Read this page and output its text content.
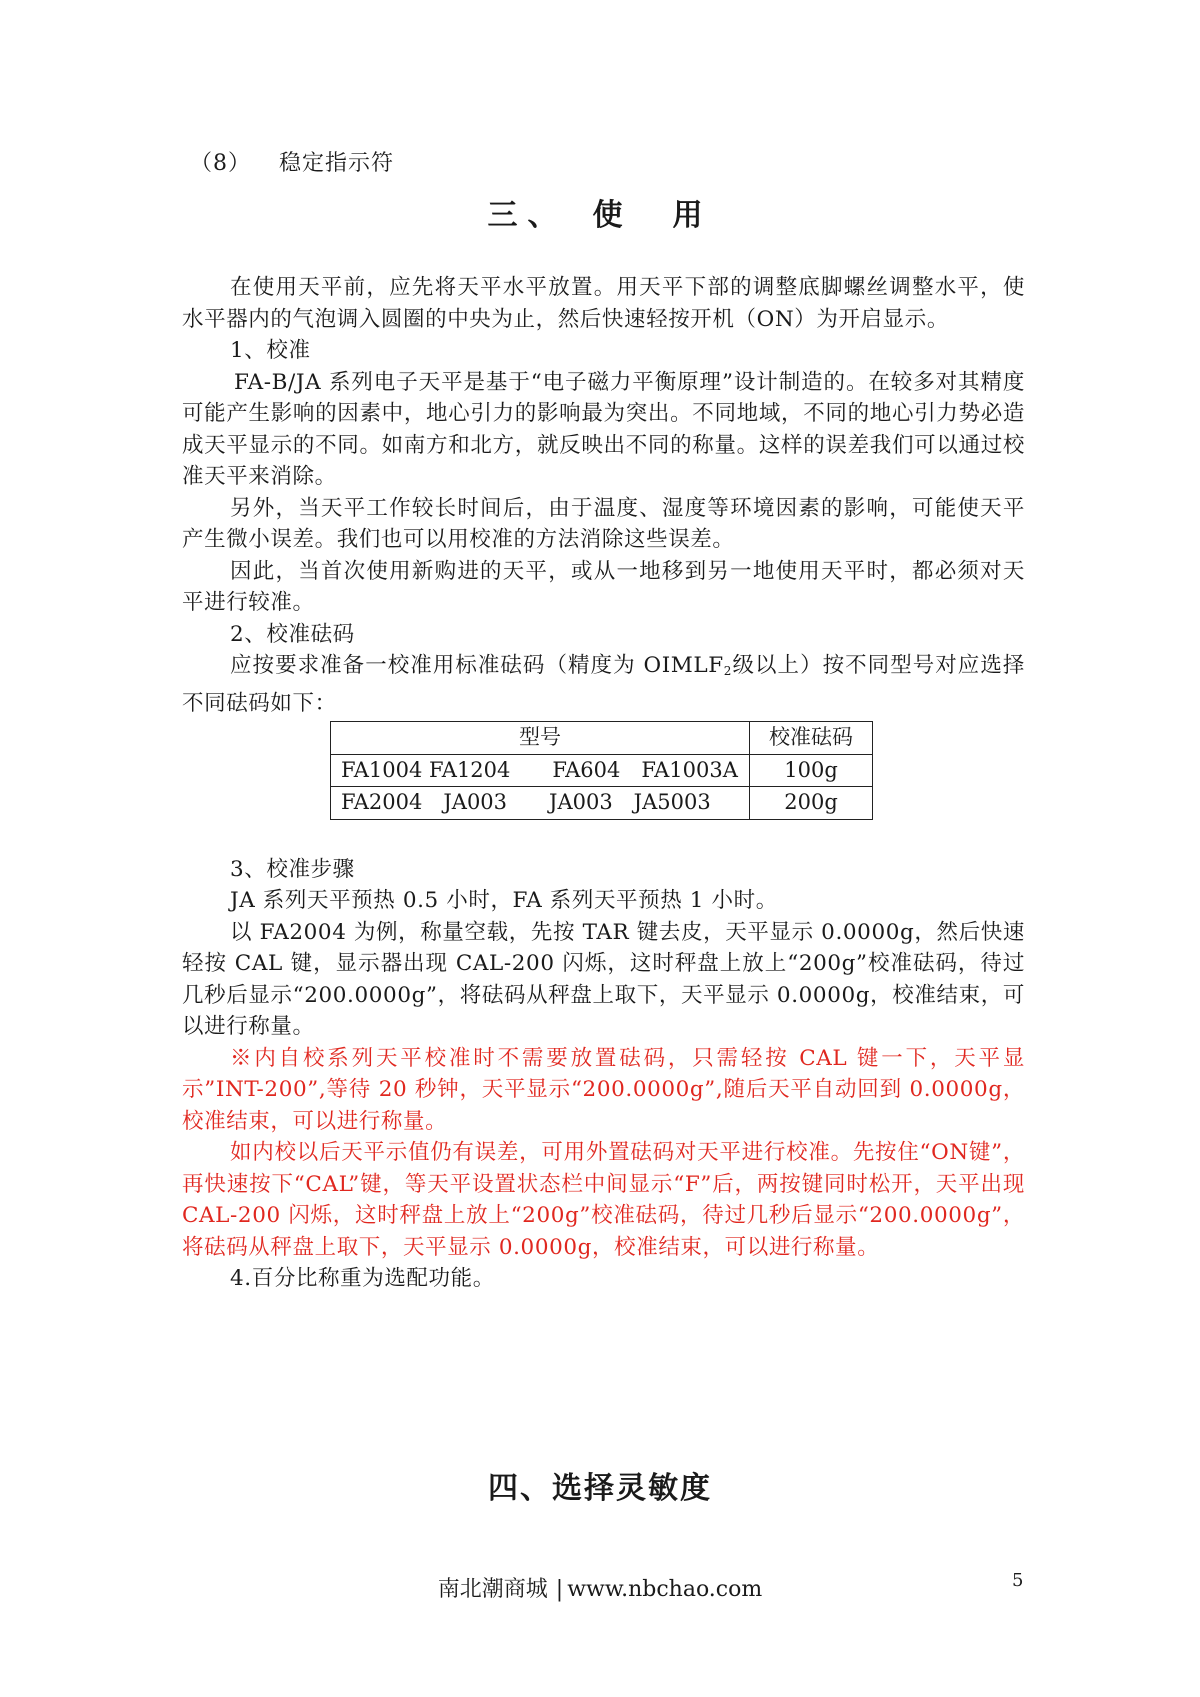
（8） 稳定指示符
三、　使　用

在使用天平前，应先将天平水平放置。用天平下部的调整底脚螺丝调整水平，使水平器内的气泡调入圆圈的中央为止，然后快速轻按开机（ON）为开启显示。

1、校准

FA-B/JA 系列电子天平是基于“电子磁力平衡原理”设计制造的。在较多对其精度可能产生影响的因素中，地心引力的影响最为突出。不同地域，不同的地心引力势必造成天平显示的不同。如南方和北方，就反映出不同的称量。这样的误差我们可以通过校准天平来消除。

另外，当天平工作较长时间后，由于温度、湿度等环境因素的影响，可能使天平产生微小误差。我们也可以用校准的方法消除这些误差。

因此，当首次使用新购进的天平，或从一地移到另一地使用天平时，都必须对天平进行较准。

2、校准砝码

应按要求准备一校准用标准砝码（精度为 $OIMLF_2$级以上）按不同型号对应选择不同砝码如下：

型号	校准砝码
FA1004 FA1204　　FA604　FA1003A	100g
FA2004　JA003　　JA003　JA5003	200g

3、校准步骤

JA 系列天平预热 0.5 小时，FA 系列天平预热 1 小时。

以 FA2004 为例，称量空载，先按 TAR 键去皮，天平显示 0.0000g，然后快速轻按 CAL 键，显示器出现 CAL-200 闪烁，这时秤盘上放上“200g”校准砝码，待过几秒后显示“200.0000g”，将砝码从秤盘上取下，天平显示 0.0000g，校准结束，可以进行称量。

※内自校系列天平校准时不需要放置砝码，只需轻按 CAL 键一下，天平显示”INT-200”,等待 20 秒钟，天平显示“200.0000g”,随后天平自动回到 0.0000g，校准结束，可以进行称量。

如内校以后天平示值仍有误差，可用外置砝码对天平进行校准。先按住“ON键”，再快速按下“CAL”键，等天平设置状态栏中间显示“F”后，两按键同时松开，天平出现 CAL-200 闪烁，这时秤盘上放上“200g”校准砝码，待过几秒后显示“200.0000g”，将砝码从秤盘上取下，天平显示 0.0000g，校准结束，可以进行称量。

4.百分比称重为选配功能。

四、选择灵敏度
南北潮商城 | www.nbchao.com	5
